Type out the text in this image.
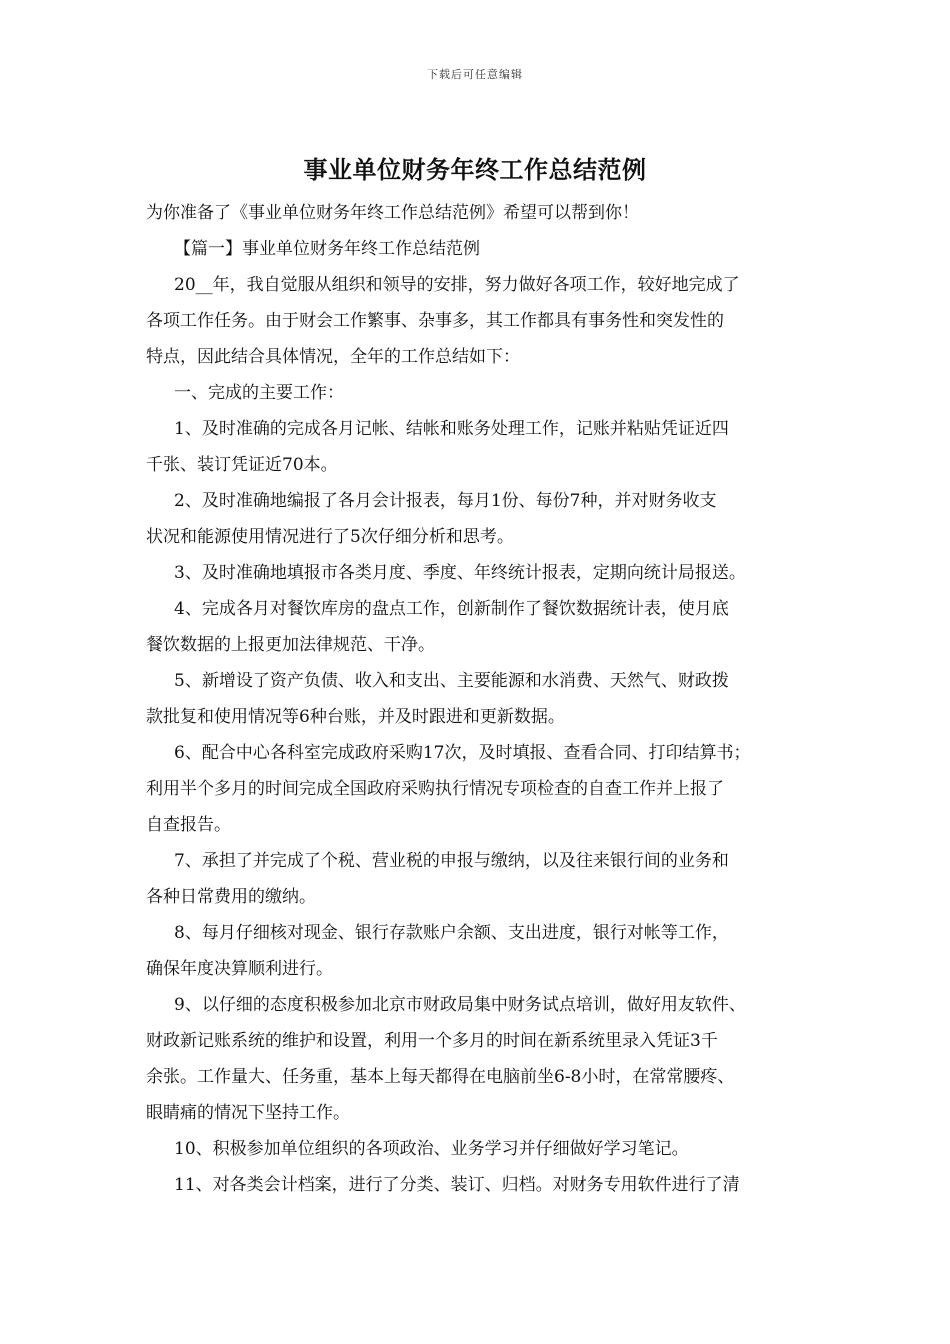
下载后可任意编辑
事业单位财务年终工作总结范例

为你准备了《事业单位财务年终工作总结范例》希望可以帮到你！

【篇一】事业单位财务年终工作总结范例

20__年，我自觉服从组织和领导的安排，努力做好各项工作，较好地完成了
各项工作任务。由于财会工作繁事、杂事多，其工作都具有事务性和突发性的
特点，因此结合具体情况，全年的工作总结如下：

一、完成的主要工作：

1、及时准确的完成各月记帐、结帐和账务处理工作，记账并粘贴凭证近四
千张、装订凭证近70本。

2、及时准确地编报了各月会计报表，每月1份、每份7种，并对财务收支
状况和能源使用情况进行了5次仔细分析和思考。

3、及时准确地填报市各类月度、季度、年终统计报表，定期向统计局报送。

4、完成各月对餐饮库房的盘点工作，创新制作了餐饮数据统计表，使月底
餐饮数据的上报更加法律规范、干净。

5、新增设了资产负债、收入和支出、主要能源和水消费、天然气、财政拨
款批复和使用情况等6种台账，并及时跟进和更新数据。

6、配合中心各科室完成政府采购17次，及时填报、查看合同、打印结算书；
利用半个多月的时间完成全国政府采购执行情况专项检查的自查工作并上报了
自查报告。

7、承担了并完成了个税、营业税的申报与缴纳，以及往来银行间的业务和
各种日常费用的缴纳。

8、每月仔细核对现金、银行存款账户余额、支出进度，银行对帐等工作，
确保年度决算顺利进行。

9、以仔细的态度积极参加北京市财政局集中财务试点培训，做好用友软件、
财政新记账系统的维护和设置，利用一个多月的时间在新系统里录入凭证3千
余张。工作量大、任务重，基本上每天都得在电脑前坐6-8小时，在常常腰疼、
眼睛痛的情况下坚持工作。

10、积极参加单位组织的各项政治、业务学习并仔细做好学习笔记。

11、对各类会计档案，进行了分类、装订、归档。对财务专用软件进行了清
